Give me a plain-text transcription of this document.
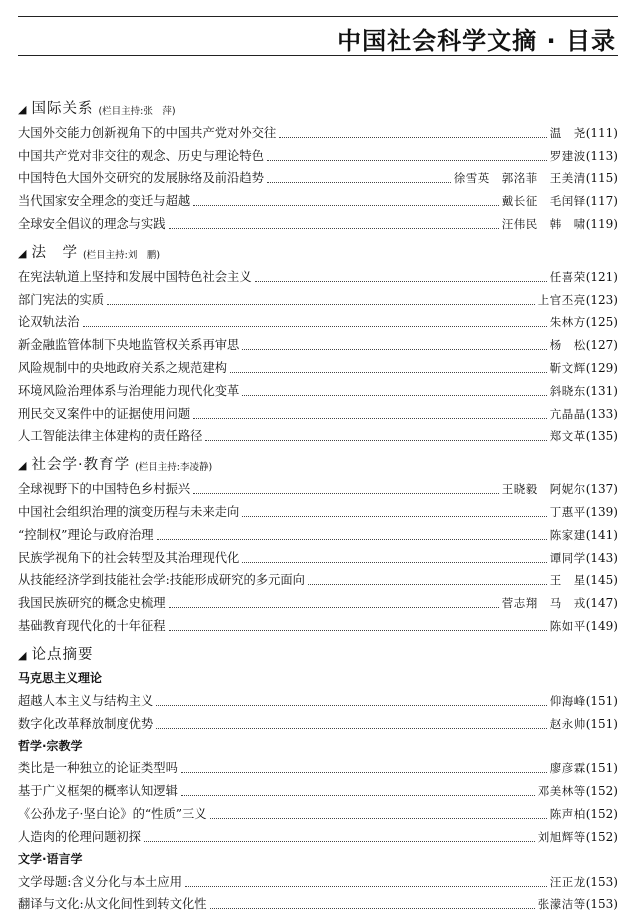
中国社会科学文摘 · 目录
◢ 国际关系 (栏目主持:张　萍)
大国外交能力创新视角下的中国共产党对外交往	温　尧 (111)
中国共产党对非交往的观念、历史与理论特色	罗建波 (113)
中国特色大国外交研究的发展脉络及前沿趋势	徐雪英　郭洺菲　王美清 (115)
当代国家安全理念的变迁与超越	戴长征　毛闰铎 (117)
全球安全倡议的理念与实践	汪伟民　韩　啸 (119)
◢ 法　学 (栏目主持:刘　鹏)
在宪法轨道上坚持和发展中国特色社会主义	任喜荣 (121)
部门宪法的实质	上官丕亮 (123)
论双轨法治	朱林方 (125)
新金融监管体制下央地监管权关系再审思	杨　松 (127)
风险规制中的央地政府关系之规范建构	靳文辉 (129)
环境风险治理体系与治理能力现代化变革	斜晓东 (131)
刑民交叉案件中的证据使用问题	亢晶晶 (133)
人工智能法律主体建构的责任路径	郑文革 (135)
◢ 社会学·教育学 (栏目主持:李凌静)
全球视野下的中国特色乡村振兴	王晓毅　阿妮尔 (137)
中国社会组织治理的演变历程与未来走向	丁惠平 (139)
“控制权”理论与政府治理	陈家建 (141)
民族学视角下的社会转型及其治理现代化	谭同学 (143)
从技能经济学到技能社会学:技能形成研究的多元面向	王　星 (145)
我国民族研究的概念史梳理	菅志翔　马　戎 (147)
基础教育现代化的十年征程	陈如平 (149)
◢ 论点摘要
马克思主义理论
超越人本主义与结构主义	仰海峰 (151)
数字化改革释放制度优势	赵永帅 (151)
哲学·宗教学
类比是一种独立的论证类型吗	廖彦霖 (151)
基于广义框架的概率认知逻辑	邓美林等 (152)
《公孙龙子·坚白论》的“性质”三义	陈声柏 (152)
人造肉的伦理问题初探	刘旭辉等 (152)
文学·语言学
文学母题:含义分化与本土应用	汪正龙 (153)
翻译与文化:从文化间性到转文化性	张濛洁等 (153)
